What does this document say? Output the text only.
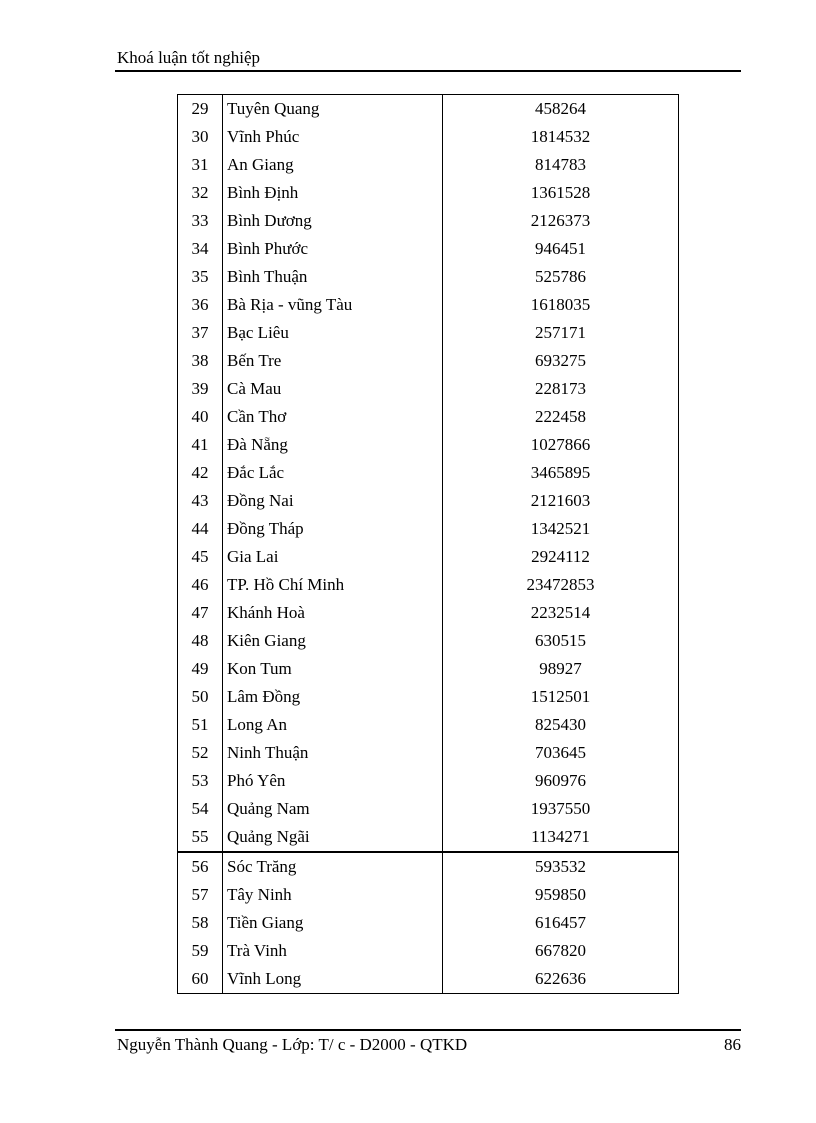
Khoá luận tốt nghiệp
29	Tuyên Quang	458264
30	Vĩnh Phúc	1814532
31	An Giang	814783
32	Bình Định	1361528
33	Bình Dương	2126373
34	Bình Phước	946451
35	Bình Thuận	525786
36	Bà Rịa - vũng Tàu	1618035
37	Bạc Liêu	257171
38	Bến Tre	693275
39	Cà Mau	228173
40	Cần Thơ	222458
41	Đà Nẵng	1027866
42	Đắc Lắc	3465895
43	Đồng Nai	2121603
44	Đồng Tháp	1342521
45	Gia Lai	2924112
46	TP. Hồ Chí Minh	23472853
47	Khánh Hoà	2232514
48	Kiên Giang	630515
49	Kon Tum	98927
50	Lâm Đồng	1512501
51	Long An	825430
52	Ninh Thuận	703645
53	Phó Yên	960976
54	Quảng Nam	1937550
55	Quảng Ngãi	1134271
56	Sóc Trăng	593532
57	Tây Ninh	959850
58	Tiền Giang	616457
59	Trà Vinh	667820
60	Vĩnh Long	622636
Nguyễn Thành Quang - Lớp: T/ c - D2000 - QTKD	86
